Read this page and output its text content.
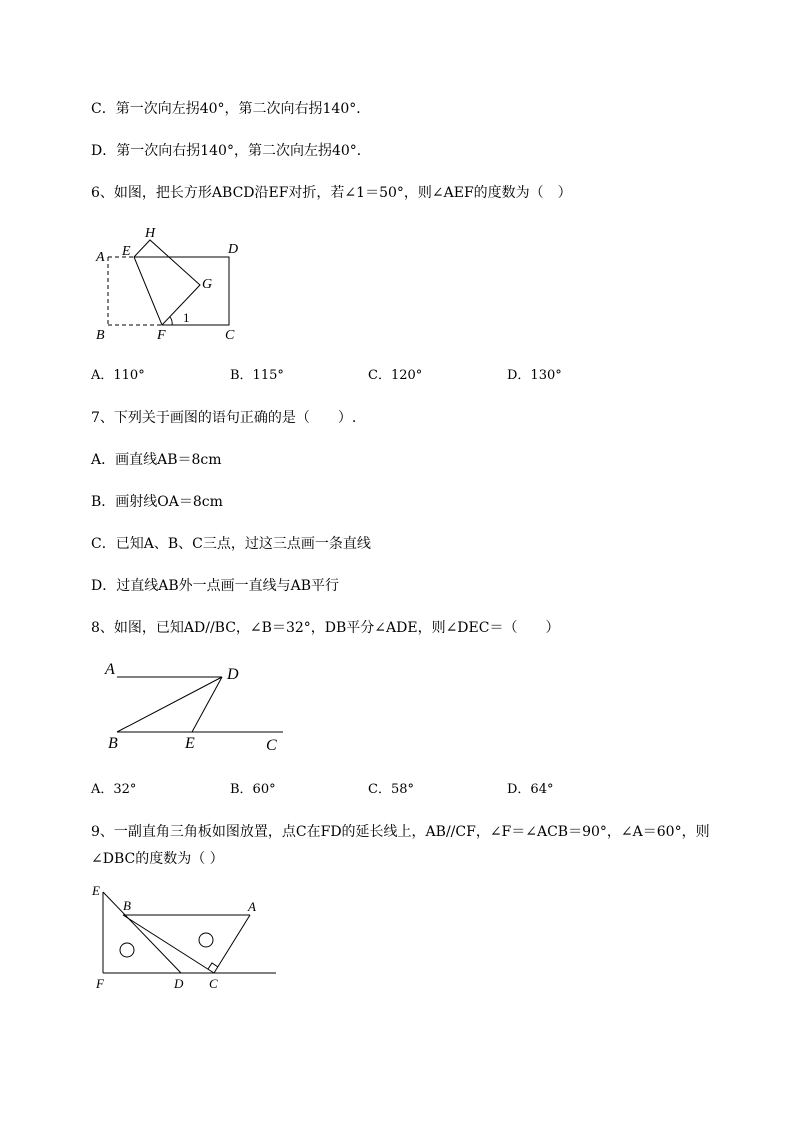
C．第一次向左拐40°，第二次向右拐140°．
D．第一次向右拐140°，第二次向左拐40°．
6、如图，把长方形ABCD沿EF对折，若∠1＝50°，则∠AEF的度数为（　）
A E
H
D
G
B	F	C
1
A．110°	B．115°	C．120°	D．130°
7、下列关于画图的语句正确的是（　　）.
A．画直线AB＝8cm
B．画射线OA＝8cm
C．已知A、B、C三点，过这三点画一条直线
D．过直线AB外一点画一直线与AB平行
8、如图，已知AD//BC，∠B＝32°，DB平分∠ADE，则∠DEC＝（　　）
A	D
B	E	C
A．32°	B．60°	C．58°	D．64°
9、一副直角三角板如图放置，点C在FD的延长线上，AB//CF，∠F＝∠ACB＝90°，∠A＝60°，则
∠DBC的度数为（ ）
E
B	A
F	D C
